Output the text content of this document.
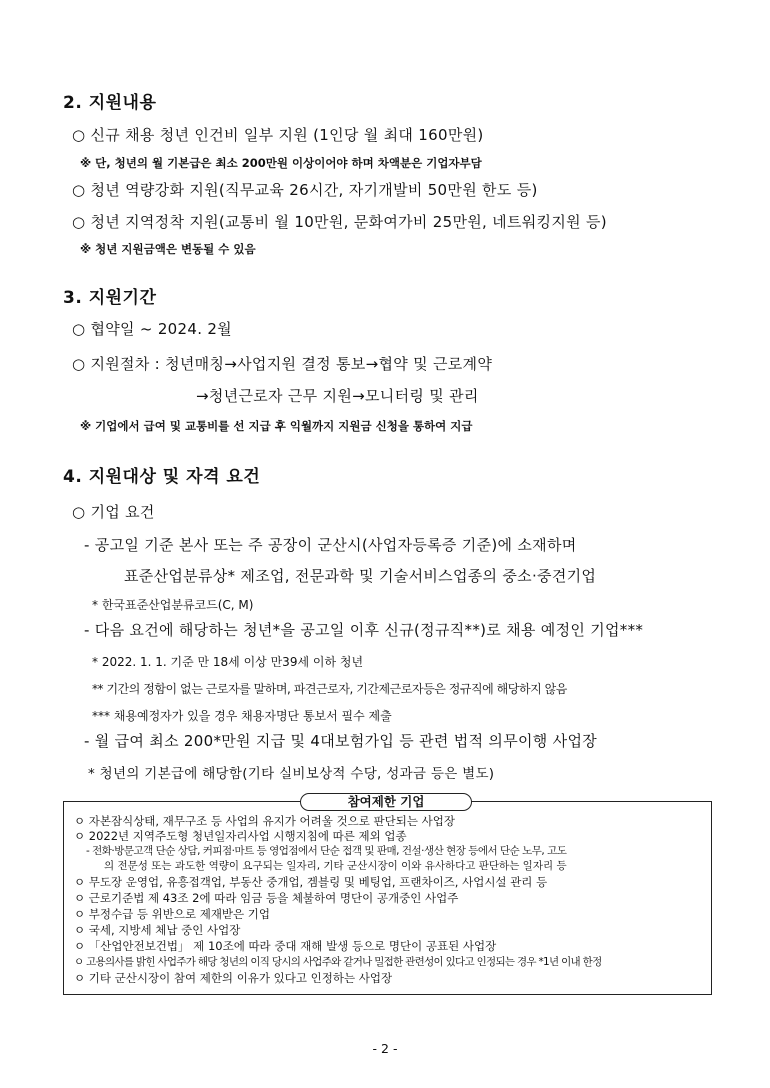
2. 지원내용
○ 신규 채용 청년 인건비 일부 지원 (1인당 월 최대 160만원)
※ 단, 청년의 월 기본급은 최소 200만원 이상이어야 하며 차액분은 기업자부담
○ 청년 역량강화 지원(직무교육 26시간, 자기개발비 50만원 한도 등)
○ 청년 지역정착 지원(교통비 월 10만원, 문화여가비 25만원, 네트워킹지원 등)
※ 청년 지원금액은 변동될 수 있음
3. 지원기간
○ 협약일 ~ 2024. 2월
○ 지원절차 : 청년매칭→사업지원 결정 통보→협약 및 근로계약
→청년근로자 근무 지원→모니터링 및 관리
※ 기업에서 급여 및 교통비를 선 지급 후 익월까지 지원금 신청을 통하여 지급
4. 지원대상 및 자격 요건
○ 기업 요건
- 공고일 기준 본사 또는 주 공장이 군산시(사업자등록증 기준)에 소재하며
표준산업분류상* 제조업, 전문과학 및 기술서비스업종의 중소·중견기업
* 한국표준산업분류코드(C, M)
- 다음 요건에 해당하는 청년*을 공고일 이후 신규(정규직**)로 채용 예정인 기업***
* 2022. 1. 1. 기준 만 18세 이상 만39세 이하 청년
** 기간의 정함이 없는 근로자를 말하며, 파견근로자, 기간제근로자등은 정규직에 해당하지 않음
*** 채용예정자가 있을 경우 채용자명단 통보서 필수 제출
- 월 급여 최소 200*만원 지급 및 4대보험가입 등 관련 법적 의무이행 사업장
* 청년의 기본급에 해당함(기타 실비보상적 수당, 성과금 등은 별도)
참여제한 기업
ㅇ 자본잠식상태, 재무구조 등 사업의 유지가 어려울 것으로 판단되는 사업장
ㅇ 2022년 지역주도형 청년일자리사업 시행지침에 따른 제외 업종
- 전화·방문고객 단순 상담, 커피점·마트 등 영업점에서 단순 접객 및 판매, 건설·생산 현장 등에서 단순 노무, 고도
의 전문성 또는 과도한 역량이 요구되는 일자리, 기타 군산시장이 이와 유사하다고 판단하는 일자리 등
ㅇ 무도장 운영업, 유흥접객업, 부동산 중개업, 겜블링 및 베팅업, 프랜차이즈, 사업시설 관리 등
ㅇ 근로기준법 제 43조 2에 따라 임금 등을 체불하여 명단이 공개중인 사업주
ㅇ 부정수급 등 위반으로 제재받은 기업
ㅇ 국세, 지방세 체납 중인 사업장
ㅇ 「산업안전보건법」 제 10조에 따라 중대 재해 발생 등으로 명단이 공표된 사업장
ㅇ 고용의사를 밝힌 사업주가 해당 청년의 이직 당시의 사업주와 같거나 밀접한 관련성이 있다고 인정되는 경우 *1년 이내 한정
ㅇ 기타 군산시장이 참여 제한의 이유가 있다고 인정하는 사업장
- 2 -
